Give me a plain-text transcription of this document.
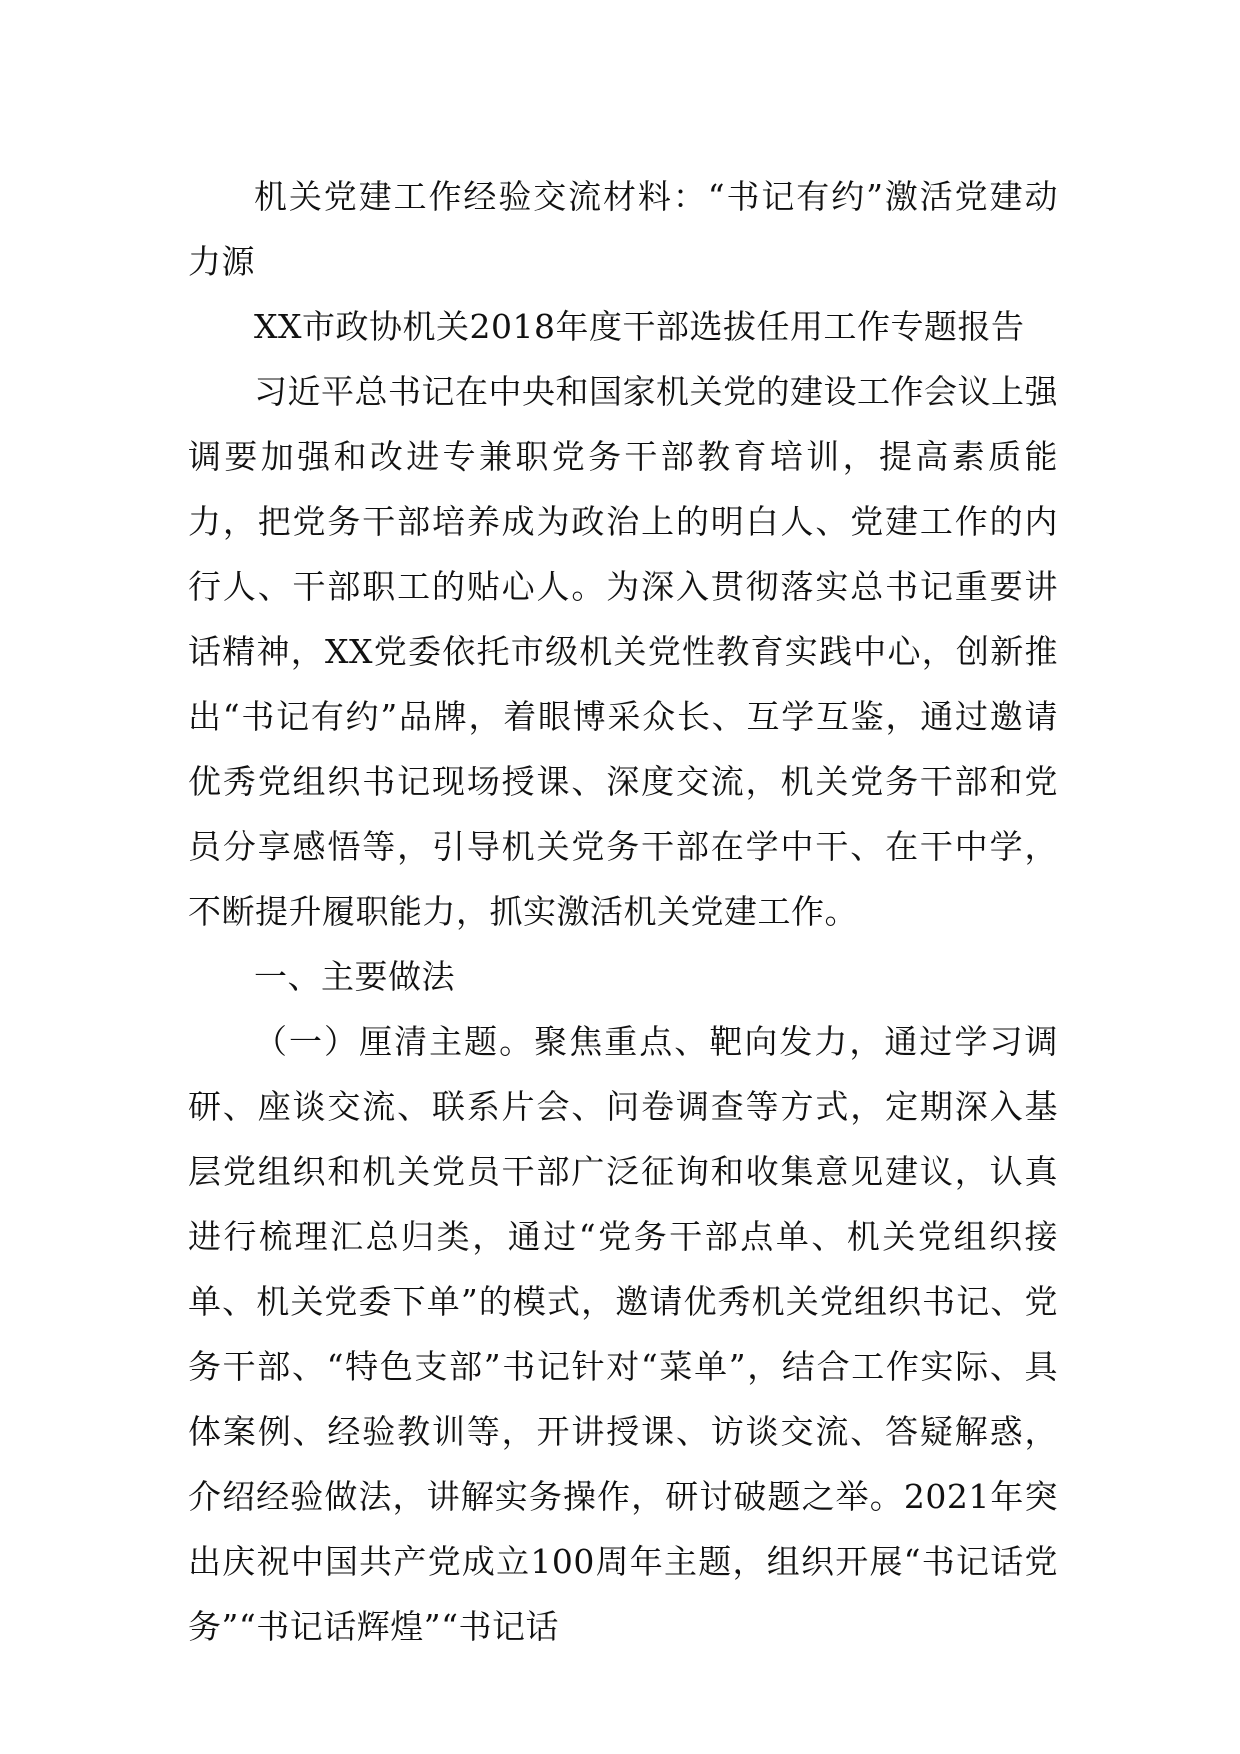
机关党建工作经验交流材料：“书记有约”激活党建动力源

XX市政协机关2018年度干部选拔任用工作专题报告

习近平总书记在中央和国家机关党的建设工作会议上强调要加强和改进专兼职党务干部教育培训，提高素质能力，把党务干部培养成为政治上的明白人、党建工作的内行人、干部职工的贴心人。为深入贯彻落实总书记重要讲话精神，XX党委依托市级机关党性教育实践中心，创新推出“书记有约”品牌，着眼博采众长、互学互鉴，通过邀请优秀党组织书记现场授课、深度交流，机关党务干部和党员分享感悟等，引导机关党务干部在学中干、在干中学，不断提升履职能力，抓实激活机关党建工作。

一、主要做法

（一）厘清主题。聚焦重点、靶向发力，通过学习调研、座谈交流、联系片会、问卷调查等方式，定期深入基层党组织和机关党员干部广泛征询和收集意见建议，认真进行梳理汇总归类，通过“党务干部点单、机关党组织接单、机关党委下单”的模式，邀请优秀机关党组织书记、党务干部、“特色支部”书记针对“菜单”，结合工作实际、具体案例、经验教训等，开讲授课、访谈交流、答疑解惑，介绍经验做法，讲解实务操作，研讨破题之举。2021年突出庆祝中国共产党成立100周年主题，组织开展“书记话党务”“书记话辉煌”“书记话
